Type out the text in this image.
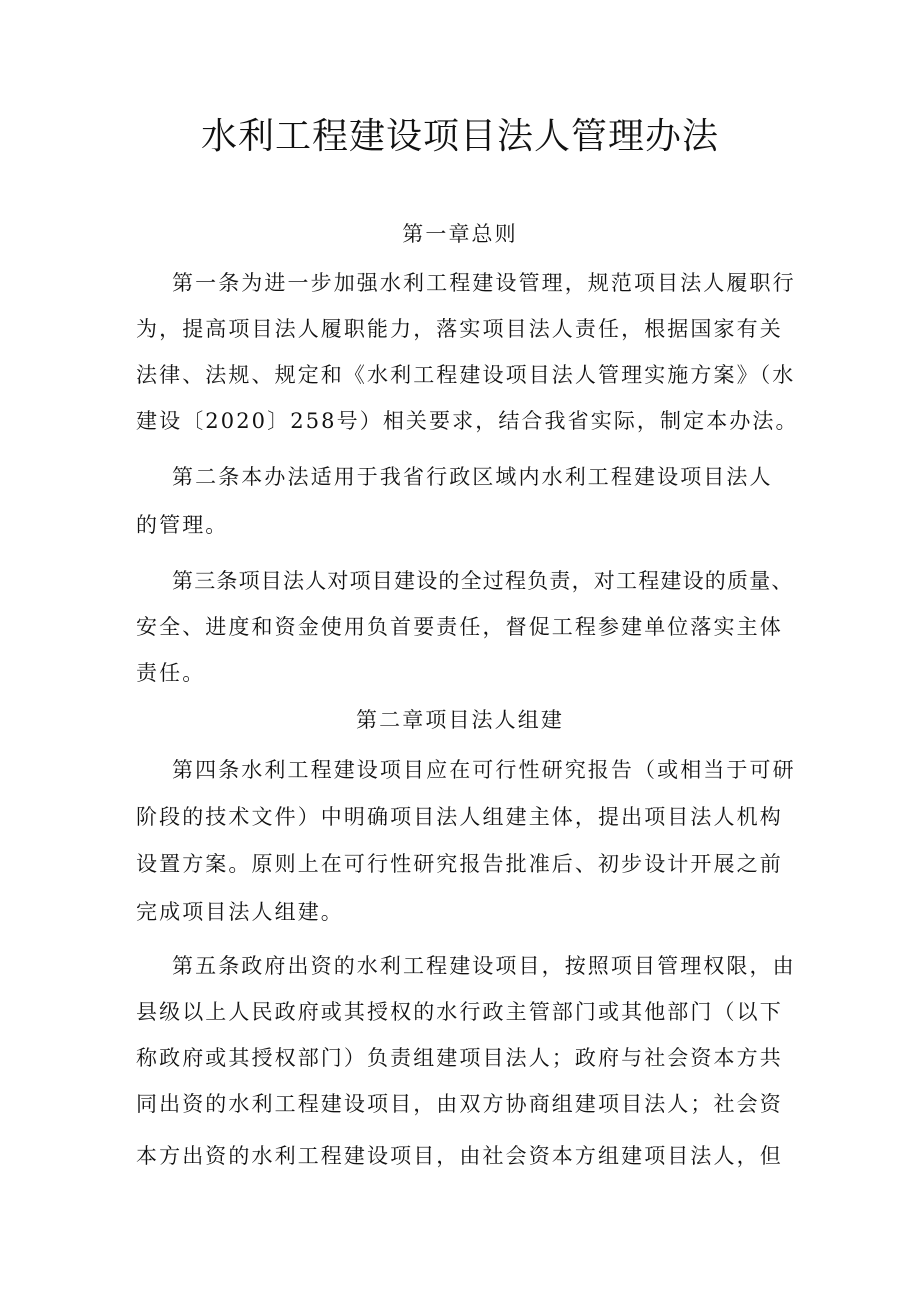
水利工程建设项目法人管理办法
第一章总则
第一条为进一步加强水利工程建设管理，规范项目法人履职行
为，提高项目法人履职能力，落实项目法人责任，根据国家有关
法律、法规、规定和《水利工程建设项目法人管理实施方案》（水
建设〔2020〕258号）相关要求，结合我省实际，制定本办法。
第二条本办法适用于我省行政区域内水利工程建设项目法人
的管理。
第三条项目法人对项目建设的全过程负责，对工程建设的质量、
安全、进度和资金使用负首要责任，督促工程参建单位落实主体
责任。
第二章项目法人组建
第四条水利工程建设项目应在可行性研究报告（或相当于可研
阶段的技术文件）中明确项目法人组建主体，提出项目法人机构
设置方案。原则上在可行性研究报告批准后、初步设计开展之前
完成项目法人组建。
第五条政府出资的水利工程建设项目，按照项目管理权限，由
县级以上人民政府或其授权的水行政主管部门或其他部门（以下
称政府或其授权部门）负责组建项目法人；政府与社会资本方共
同出资的水利工程建设项目，由双方协商组建项目法人；社会资
本方出资的水利工程建设项目，由社会资本方组建项目法人，但
